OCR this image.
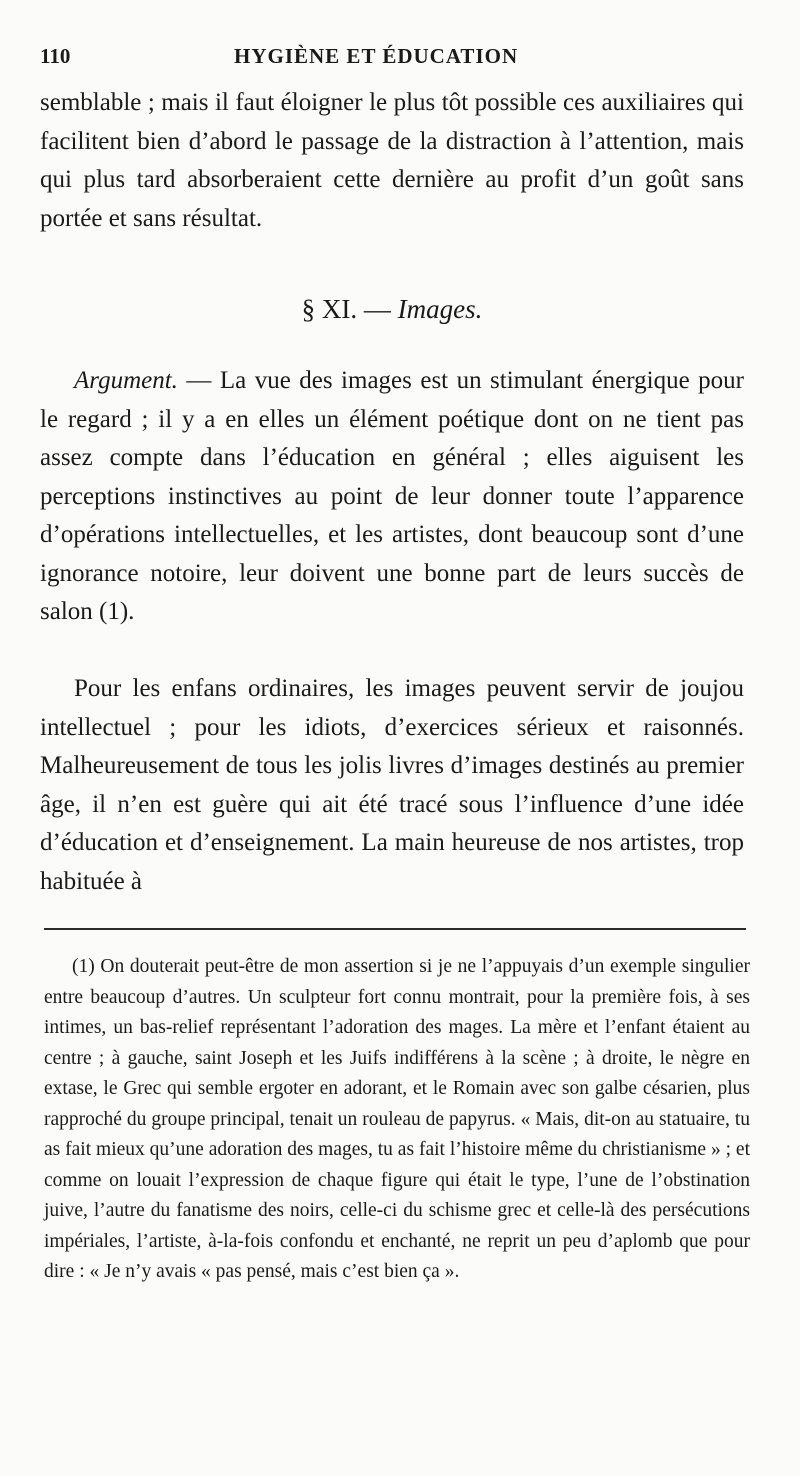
110	HYGIÈNE ET ÉDUCATION

semblable ; mais il faut éloigner le plus tôt possible ces auxiliaires qui facilitent bien d’abord le passage de la distraction à l’attention, mais qui plus tard absorberaient cette dernière au profit d’un goût sans portée et sans résultat.

§ XI. — Images.

Argument. — La vue des images est un stimulant énergique pour le regard ; il y a en elles un élément poétique dont on ne tient pas assez compte dans l’éducation en général ; elles aiguisent les perceptions instinctives au point de leur donner toute l’apparence d’opérations intellectuelles, et les artistes, dont beaucoup sont d’une ignorance notoire, leur doivent une bonne part de leurs succès de salon (1).

Pour les enfans ordinaires, les images peuvent servir de joujou intellectuel ; pour les idiots, d’exercices sérieux et raisonnés. Malheureusement de tous les jolis livres d’images destinés au premier âge, il n’en est guère qui ait été tracé sous l’influence d’une idée d’éducation et d’enseignement. La main heureuse de nos artistes, trop habituée à

(1) On douterait peut-être de mon assertion si je ne l’appuyais d’un exemple singulier entre beaucoup d’autres. Un sculpteur fort connu montrait, pour la première fois, à ses intimes, un bas-relief représentant l’adoration des mages. La mère et l’enfant étaient au centre ; à gauche, saint Joseph et les Juifs indifférens à la scène ; à droite, le nègre en extase, le Grec qui semble ergoter en adorant, et le Romain avec son galbe césarien, plus rapproché du groupe principal, tenait un rouleau de papyrus. « Mais, dit-on au statuaire, tu as fait mieux qu’une adoration des mages, tu as fait l’histoire même du christianisme » ; et comme on louait l’expression de chaque figure qui était le type, l’une de l’obstination juive, l’autre du fanatisme des noirs, celle-ci du schisme grec et celle-là des persécutions impériales, l’artiste, à-la-fois confondu et enchanté, ne reprit un peu d’aplomb que pour dire : « Je n’y avais « pas pensé, mais c’est bien ça ».
